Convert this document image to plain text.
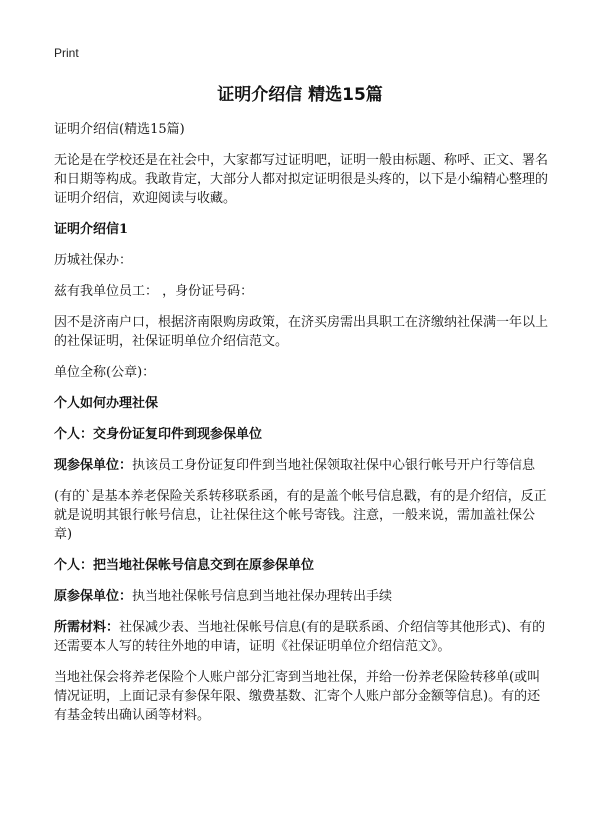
Print
证明介绍信 精选15篇
证明介绍信(精选15篇)
无论是在学校还是在社会中，大家都写过证明吧，证明一般由标题、称呼、正文、署名和日期等构成。我敢肯定，大部分人都对拟定证明很是头疼的，以下是小编精心整理的证明介绍信，欢迎阅读与收藏。
证明介绍信1
历城社保办：
兹有我单位员工： ，身份证号码：
因不是济南户口，根据济南限购房政策，在济买房需出具职工在济缴纳社保满一年以上的社保证明，社保证明单位介绍信范文。
单位全称(公章)：
个人如何办理社保
个人：交身份证复印件到现参保单位
现参保单位：执该员工身份证复印件到当地社保领取社保中心银行帐号开户行等信息
(有的`是基本养老保险关系转移联系函，有的是盖个帐号信息戳，有的是介绍信，反正就是说明其银行帐号信息，让社保往这个帐号寄钱。注意，一般来说，需加盖社保公章)
个人：把当地社保帐号信息交到在原参保单位
原参保单位：执当地社保帐号信息到当地社保办理转出手续
所需材料：社保减少表、当地社保帐号信息(有的是联系函、介绍信等其他形式)、有的还需要本人写的转往外地的申请，证明《社保证明单位介绍信范文》。
当地社保会将养老保险个人账户部分汇寄到当地社保，并给一份养老保险转移单(或叫情况证明，上面记录有参保年限、缴费基数、汇寄个人账户部分金额等信息)。有的还有基金转出确认函等材料。
